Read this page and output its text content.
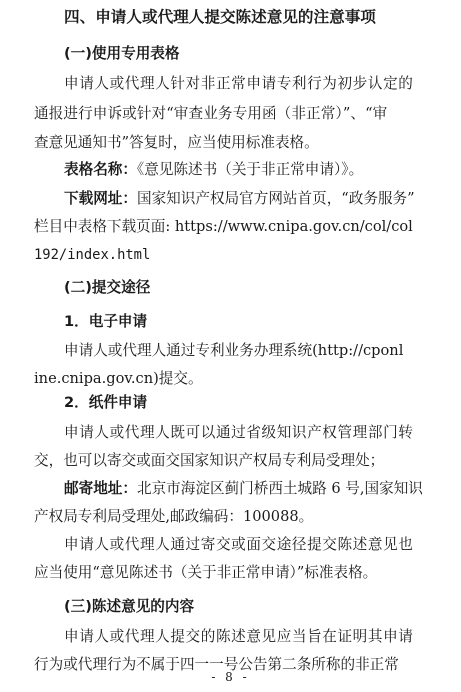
四、申请人或代理人提交陈述意见的注意事项
(一)使用专用表格
申请人或代理人针对非正常申请专利行为初步认定的
通报进行申诉或针对“审查业务专用函（非正常）”、“审
查意见通知书”答复时，应当使用标准表格。
表格名称：《意见陈述书（关于非正常申请）》。
下载网址：国家知识产权局官方网站首页，“政务服务”
栏目中表格下载页面: https://www.cnipa.gov.cn/col/col
192/index.html
(二)提交途径
1．电子申请
申请人或代理人通过专利业务办理系统(http://cponl
ine.cnipa.gov.cn)提交。
2．纸件申请
申请人或代理人既可以通过省级知识产权管理部门转
交，也可以寄交或面交国家知识产权局专利局受理处；
邮寄地址：北京市海淀区蓟门桥西土城路 6 号,国家知识
产权局专利局受理处,邮政编码：100088。
申请人或代理人通过寄交或面交途径提交陈述意见也
应当使用“意见陈述书（关于非正常申请）”标准表格。
(三)陈述意见的内容
申请人或代理人提交的陈述意见应当旨在证明其申请
行为或代理行为不属于四一一号公告第二条所称的非正常
- 8 -
